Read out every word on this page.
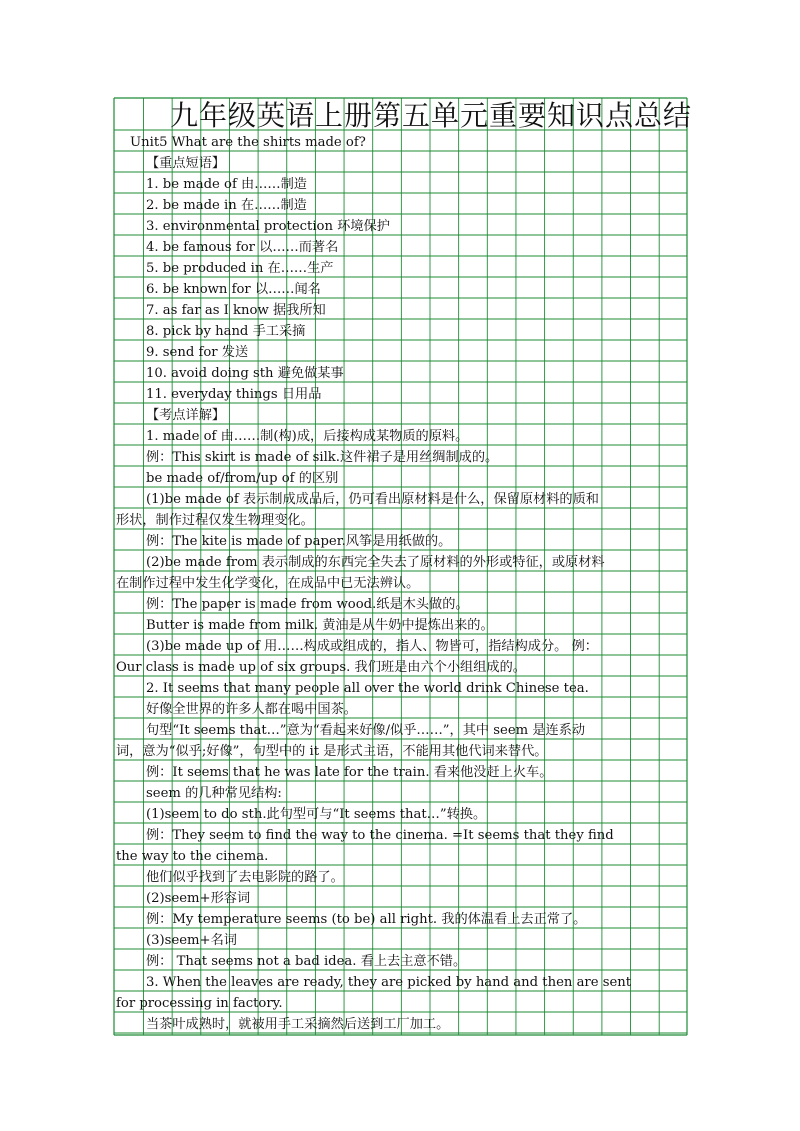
九年级英语上册第五单元重要知识点总结
Unit5 What are the shirts made of?
【重点短语】
1. be made of 由……制造
2. be made in 在……制造
3. environmental protection 环境保护
4. be famous for 以……而著名
5. be produced in 在……生产
6. be known for 以……闻名
7. as far as I know 据我所知
8. pick by hand 手工采摘
9. send for 发送
10. avoid doing sth 避免做某事
11. everyday things 日用品
【考点详解】
1. made of 由……制(构)成，后接构成某物质的原料。
例：This skirt is made of silk.这件裙子是用丝绸制成的。
be made of/from/up of 的区别
(1)be made of 表示制成成品后，仍可看出原材料是什么，保留原材料的质和
形状，制作过程仅发生物理变化。
例：The kite is made of paper.风筝是用纸做的。
(2)be made from 表示制成的东西完全失去了原材料的外形或特征，或原材料
在制作过程中发生化学变化，在成品中已无法辨认。
例：The paper is made from wood.纸是木头做的。
Butter is made from milk. 黄油是从牛奶中提炼出来的。
(3)be made up of 用……构成或组成的，指人、物皆可，指结构成分。 例：
Our class is made up of six groups. 我们班是由六个小组组成的。
2. It seems that many people all over the world drink Chinese tea.
好像全世界的许多人都在喝中国茶。
句型“It seems that…”意为“看起来好像/似乎……”，其中 seem 是连系动
词，意为“似乎;好像”，句型中的 it 是形式主语，不能用其他代词来替代。
例：It seems that he was late for the train. 看来他没赶上火车。
seem 的几种常见结构:
(1)seem to do sth.此句型可与“It seems that…”转换。
例：They seem to find the way to the cinema. =It seems that they find
the way to the cinema.
他们似乎找到了去电影院的路了。
(2)seem+形容词
例：My temperature seems (to be) all right. 我的体温看上去正常了。
(3)seem+名词
例： That seems not a bad idea. 看上去主意不错。
3. When the leaves are ready, they are picked by hand and then are sent
for processing in factory.
当茶叶成熟时，就被用手工采摘然后送到工厂加工。
